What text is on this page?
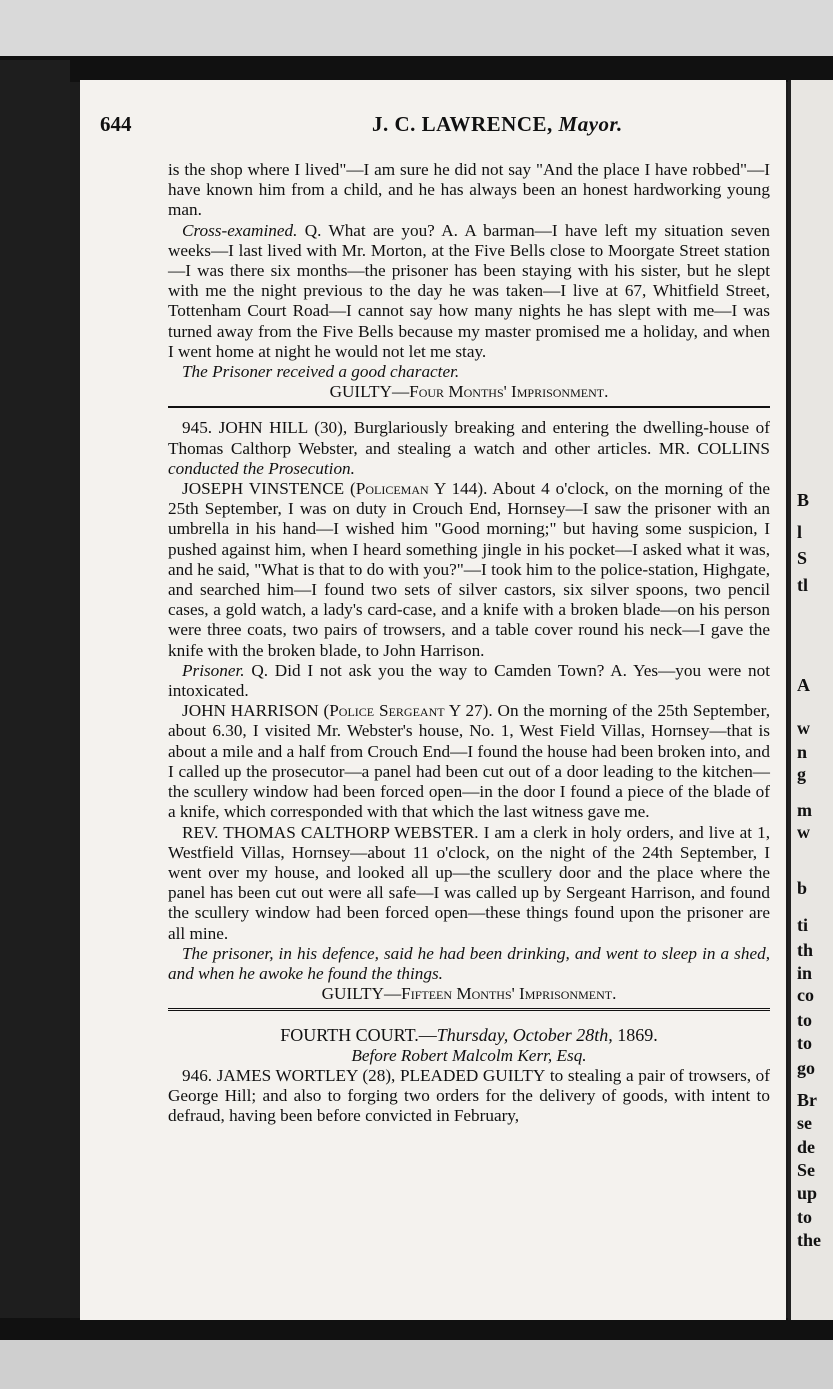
B
l
S
tl
A
w
n
g
m
w
b
ti
th
in
co
to
to
go
Br
se
de
Se
up
to
the
644	J. C. LAWRENCE, Mayor.

is the shop where I lived"—I am sure he did not say "And the place I have robbed"—I have known him from a child, and he has always been an honest hardworking young man.

Cross-examined. Q. What are you? A. A barman—I have left my situation seven weeks—I last lived with Mr. Morton, at the Five Bells close to Moorgate Street station—I was there six months—the prisoner has been staying with his sister, but he slept with me the night previous to the day he was taken—I live at 67, Whitfield Street, Tottenham Court Road—I cannot say how many nights he has slept with me—I was turned away from the Five Bells because my master promised me a holiday, and when I went home at night he would not let me stay.

The Prisoner received a good character.

GUILTY—Four Months' Imprisonment.

945. JOHN HILL (30), Burglariously breaking and entering the dwelling-house of Thomas Calthorp Webster, and stealing a watch and other articles. MR. COLLINS conducted the Prosecution.

JOSEPH VINSTENCE (Policeman Y 144). About 4 o'clock, on the morning of the 25th September, I was on duty in Crouch End, Hornsey—I saw the prisoner with an umbrella in his hand—I wished him "Good morning;" but having some suspicion, I pushed against him, when I heard something jingle in his pocket—I asked what it was, and he said, "What is that to do with you?"—I took him to the police-station, Highgate, and searched him—I found two sets of silver castors, six silver spoons, two pencil cases, a gold watch, a lady's card-case, and a knife with a broken blade—on his person were three coats, two pairs of trowsers, and a table cover round his neck—I gave the knife with the broken blade, to John Harrison.

Prisoner. Q. Did I not ask you the way to Camden Town? A. Yes—you were not intoxicated.

JOHN HARRISON (Police Sergeant Y 27). On the morning of the 25th September, about 6.30, I visited Mr. Webster's house, No. 1, West Field Villas, Hornsey—that is about a mile and a half from Crouch End—I found the house had been broken into, and I called up the prosecutor—a panel had been cut out of a door leading to the kitchen—the scullery window had been forced open—in the door I found a piece of the blade of a knife, which corresponded with that which the last witness gave me.

REV. THOMAS CALTHORP WEBSTER. I am a clerk in holy orders, and live at 1, Westfield Villas, Hornsey—about 11 o'clock, on the night of the 24th September, I went over my house, and looked all up—the scullery door and the place where the panel has been cut out were all safe—I was called up by Sergeant Harrison, and found the scullery window had been forced open—these things found upon the prisoner are all mine.

The prisoner, in his defence, said he had been drinking, and went to sleep in a shed, and when he awoke he found the things.

GUILTY—Fifteen Months' Imprisonment.

FOURTH COURT.—Thursday, October 28th, 1869.

Before Robert Malcolm Kerr, Esq.

946. JAMES WORTLEY (28), PLEADED GUILTY to stealing a pair of trowsers, of George Hill; and also to forging two orders for the delivery of goods, with intent to defraud, having been before convicted in February,
